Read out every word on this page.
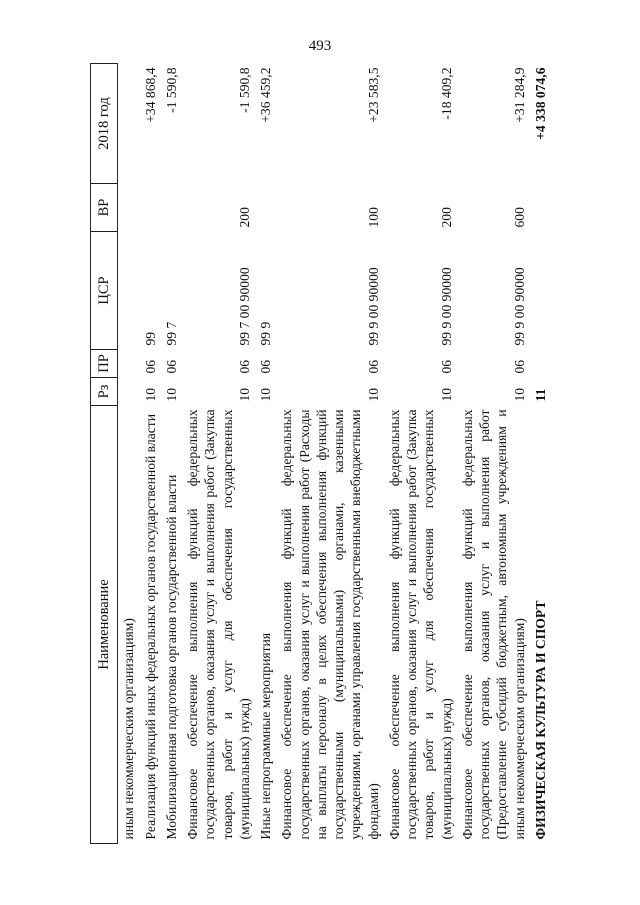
493
Наименование	Рз	ПР	ЦСР	ВР	2018 год
иным некоммерческим организациям)					
Реализация функций иных федеральных органов государственной власти	10	06	99		+34 868,4
Мобилизационная подготовка органов государственной власти	10	06	99 7		-1 590,8
Финансовое обеспечение выполнения функций федеральных государственных органов, оказания услуг и выполнения работ (Закупка товаров, работ и услуг для обеспечения государственных (муниципальных) нужд)	10	06	99 7 00 90000	200	-1 590,8
Иные непрограммные мероприятия	10	06	99 9		+36 459,2
Финансовое обеспечение выполнения функций федеральных государственных органов, оказания услуг и выполнения работ (Расходы на выплаты персоналу в целях обеспечения выполнения функций государственными (муниципальными) органами, казенными учреждениями, органами управления государственными внебюджетными фондами)	10	06	99 9 00 90000	100	+23 583,5
Финансовое обеспечение выполнения функций федеральных государственных органов, оказания услуг и выполнения работ (Закупка товаров, работ и услуг для обеспечения государственных (муниципальных) нужд)	10	06	99 9 00 90000	200	-18 409,2
Финансовое обеспечение выполнения функций федеральных государственных органов, оказания услуг и выполнения работ (Предоставление субсидий бюджетным, автономным учреждениям и иным некоммерческим организациям)	10	06	99 9 00 90000	600	+31 284,9
ФИЗИЧЕСКАЯ КУЛЬТУРА И СПОРТ	11				+4 338 074,6
